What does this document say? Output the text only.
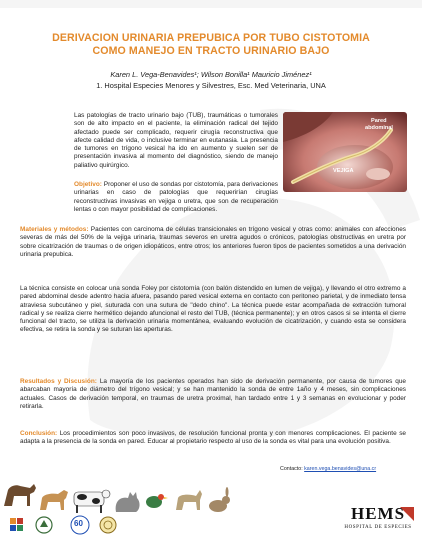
DERIVACION URINARIA PREPUBICA POR TUBO CISTOTOMIA
COMO MANEJO EN TRACTO URINARIO BAJO
Karen L. Vega-Benavides¹; Wilson Bonilla¹ Mauricio Jiménez¹
1. Hospital Especies Menores y Silvestres, Esc. Med Veterinaria, UNA

Las patologías de tracto urinario bajo (TUB), traumáticas o tumorales son de alto impacto en el paciente, la eliminación radical del tejido afectado puede ser complicado, requerir cirugía reconstructiva que afecte calidad de vida, o inclusive terminar en eutanasia. La presencia de tumores en trígono vesical ha ido en aumento y suelen ser de presentación invasiva al momento del diagnóstico, siendo de manejo paliativo quirúrgico.

Objetivo: Proponer el uso de sondas por cistotomía, para derivaciones urinarias en caso de patologías que requerirían cirugías reconstructivas invasivas en vejiga o uretra, que son de recuperación lentas o con mayor posibilidad de complicaciones.

Pared
abdominal
VEJIGA

Materiales y métodos: Pacientes con carcinoma de células transicionales en trígono vesical y otras como: animales con afecciones severas de más del 50% de la vejiga urinaria, traumas severos en uretra agudos o crónicos, patologías obstructivas en uretra por sobre cicatrización de traumas o de origen idiopáticos, entre otros; los anteriores fueron tipos de pacientes sometidos a una derivación urinaria prepubica.

La técnica consiste en colocar una sonda Foley por cistotomía (con balón distendido en lumen de vejiga), y llevando el otro extremo a pared abdominal desde adentro hacia afuera, pasando pared vesical externa en contacto con peritoneo parietal, y de inmediato tensa atraviesa subcutáneo y piel, suturada con una sutura de "dedo chino". La técnica puede estar acompañada de extracción tumoral radical y se realiza cierre hermético dejando afuncional el resto del TUB, (técnica permanente); y en otros casos si se intenta el cierre funcional del tracto, se utiliza la derivación urinaria momentánea, evaluando evolución de cicatrización, y cuando esta se considera efectiva, se retira la sonda y se suturan las aperturas.

Resultados y Discusión: La mayoría de los pacientes operados han sido de derivación permanente, por causa de tumores que abarcaban mayoría de diámetro del trígono vesical; y se han mantenido la sonda de entre 1año y 4 meses, sin complicaciones actuales. Casos de derivación temporal, en traumas de uretra proximal, han tardado entre 1 y 3 semanas en evolucionar y poder retirarla.

Conclusión: Los procedimientos son poco invasivos, de resolución funcional pronta y con menores complicaciones. El paciente se adapta a la presencia de la sonda en pared. Educar al propietario respecto al uso de la sonda es vital para una evolución positiva.

Contacto: karen.vega.benavides@una.cr
60
HEMS
HOSPITAL DE ESPECIES
